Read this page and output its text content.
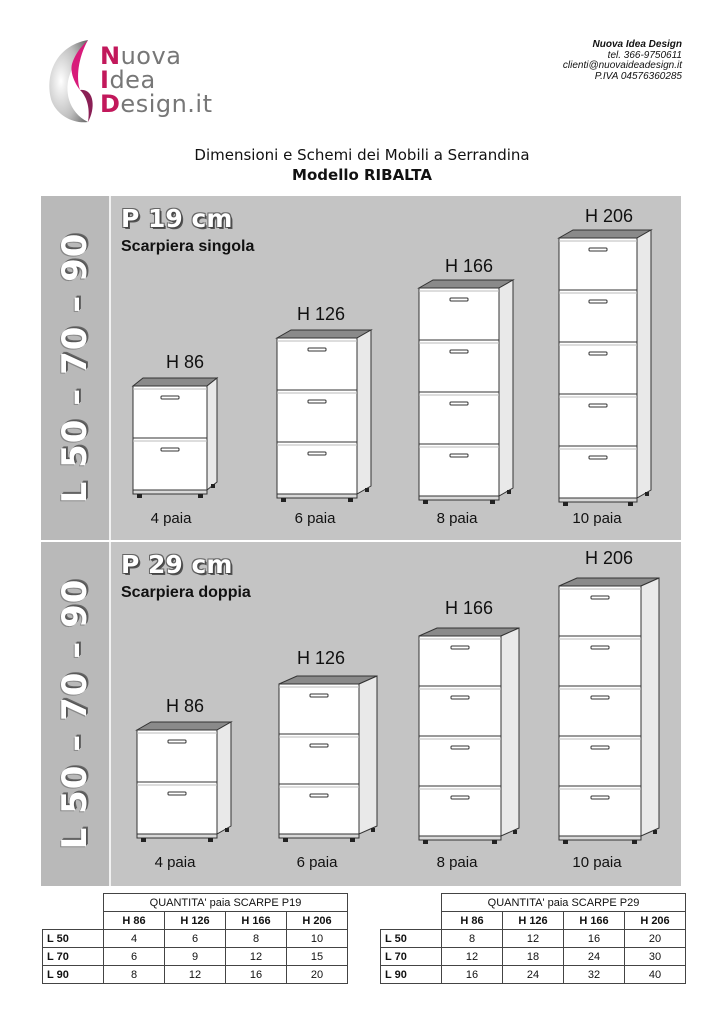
Nuova
Idea
Design.it
Nuova Idea Design
tel. 366-9750611
clienti@nuovaideadesign.it
P.IVA 04576360285
Dimensioni e Schemi dei Mobili a Serrandina
Modello RIBALTA
L 50 – 70 – 90
P 19 cm
Scarpiera singola
H 86
H 126
H 166
H 206
4 paia	6 paia	8 paia	10 paia
L 50 – 70 – 90
P 29 cm
Scarpiera doppia
H 86
H 126
H 166
H 206
4 paia	6 paia	8 paia	10 paia
	QUANTITA' paia SCARPE P19			
	H 86	H 126	H 166	H 206
L 50	4	6	8	10
L 70	6	9	12	15
L 90	8	12	16	20
	QUANTITA' paia SCARPE P29			
	H 86	H 126	H 166	H 206
L 50	8	12	16	20
L 70	12	18	24	30
L 90	16	24	32	40
